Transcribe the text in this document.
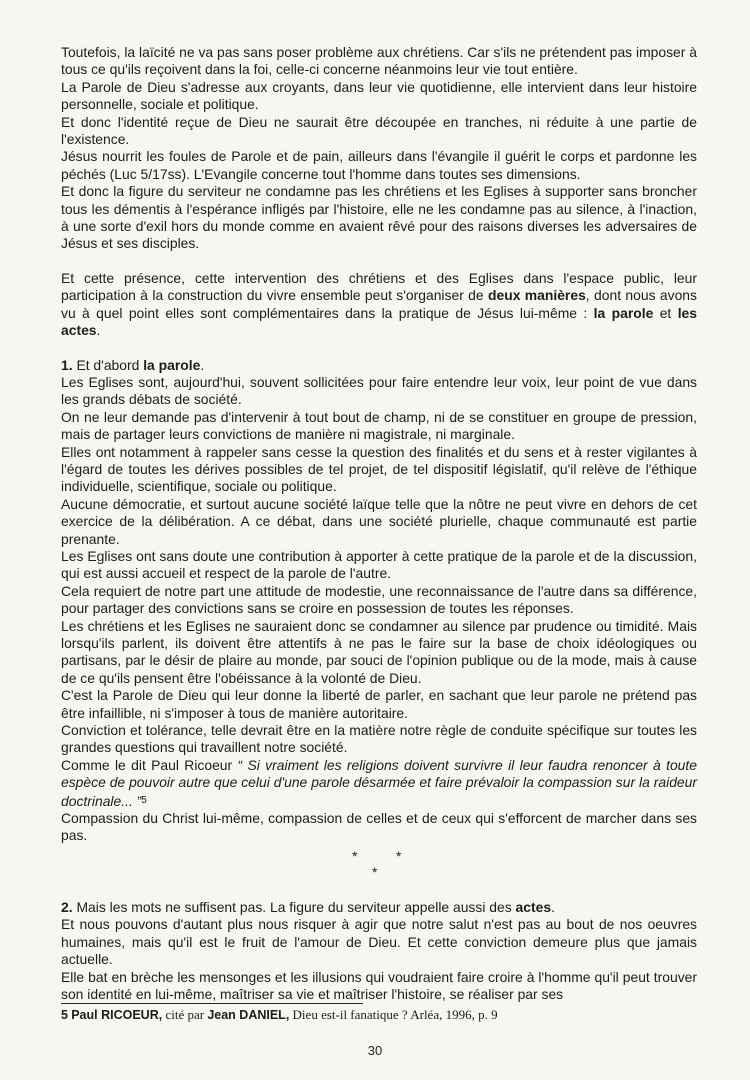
Toutefois, la laïcité ne va pas sans poser problème aux chrétiens. Car s'ils ne prétendent pas imposer à tous ce qu'ils reçoivent dans la foi, celle-ci concerne néanmoins leur vie tout entière.

La Parole de Dieu s'adresse aux croyants, dans leur vie quotidienne, elle intervient dans leur histoire personnelle, sociale et politique.

Et donc l'identité reçue de Dieu ne saurait être découpée en tranches, ni réduite à une partie de l'existence.

Jésus nourrit les foules de Parole et de pain, ailleurs dans l'évangile il guérit le corps et pardonne les péchés (Luc 5/17ss). L'Evangile concerne tout l'homme dans toutes ses dimensions.

Et donc la figure du serviteur ne condamne pas les chrétiens et les Eglises à supporter sans broncher tous les démentis à l'espérance infligés par l'histoire, elle ne les condamne pas au silence, à l'inaction, à une sorte d'exil hors du monde comme en avaient rêvé pour des raisons diverses les adversaires de Jésus et ses disciples.

Et cette présence, cette intervention des chrétiens et des Eglises dans l'espace public, leur participation à la construction du vivre ensemble peut s'organiser de deux manières, dont nous avons vu à quel point elles sont complémentaires dans la pratique de Jésus lui-même : la parole et les actes.

1. Et d'abord la parole.

Les Eglises sont, aujourd'hui, souvent sollicitées pour faire entendre leur voix, leur point de vue dans les grands débats de société.

On ne leur demande pas d'intervenir à tout bout de champ, ni de se constituer en groupe de pression, mais de partager leurs convictions de manière ni magistrale, ni marginale.

Elles ont notamment à rappeler sans cesse la question des finalités et du sens et à rester vigilantes à l'égard de toutes les dérives possibles de tel projet, de tel dispositif législatif, qu'il relève de l'éthique individuelle, scientifique, sociale ou politique.

Aucune démocratie, et surtout aucune société laïque telle que la nôtre ne peut vivre en dehors de cet exercice de la délibération. A ce débat, dans une société plurielle, chaque communauté est partie prenante.

Les Eglises ont sans doute une contribution à apporter à cette pratique de la parole et de la discussion, qui est aussi accueil et respect de la parole de l'autre.

Cela requiert de notre part une attitude de modestie, une reconnaissance de l'autre dans sa différence, pour partager des convictions sans se croire en possession de toutes les réponses.

Les chrétiens et les Eglises ne sauraient donc se condamner au silence par prudence ou timidité. Mais lorsqu'ils parlent, ils doivent être attentifs à ne pas le faire sur la base de choix idéologiques ou partisans, par le désir de plaire au monde, par souci de l'opinion publique ou de la mode, mais à cause de ce qu'ils pensent être l'obéissance à la volonté de Dieu.

C'est la Parole de Dieu qui leur donne la liberté de parler, en sachant que leur parole ne prétend pas être infaillible, ni s'imposer à tous de manière autoritaire.

Conviction et tolérance, telle devrait être en la matière notre règle de conduite spécifique sur toutes les grandes questions qui travaillent notre société.

Comme le dit Paul Ricoeur “ Si vraiment les religions doivent survivre il leur faudra renoncer à toute espèce de pouvoir autre que celui d'une parole désarmée et faire prévaloir la compassion sur la raideur doctrinale... ”$^5$

Compassion du Christ lui-même, compassion de celles et de ceux qui s'efforcent de marcher dans ses pas.

*	*
*

2. Mais les mots ne suffisent pas. La figure du serviteur appelle aussi des actes.

Et nous pouvons d'autant plus nous risquer à agir que notre salut n'est pas au bout de nos oeuvres humaines, mais qu'il est le fruit de l'amour de Dieu. Et cette conviction demeure plus que jamais actuelle.

Elle bat en brèche les mensonges et les illusions qui voudraient faire croire à l'homme qu'il peut trouver son identité en lui-même, maîtriser sa vie et maîtriser l'histoire, se réaliser par ses

5 Paul RICOEUR, cité par Jean DANIEL, Dieu est-il fanatique ? Arléa, 1996, p. 9
30
